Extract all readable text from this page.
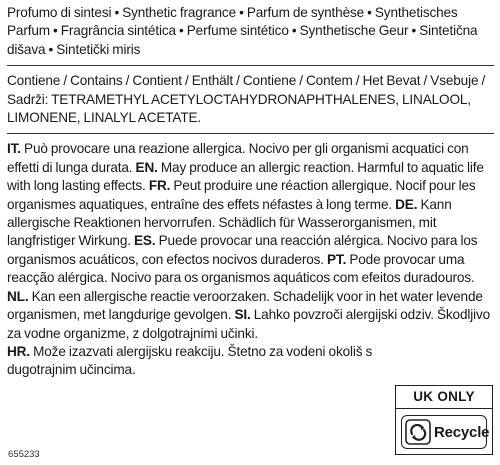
Profumo di sintesi • Synthetic fragrance • Parfum de synthèse • Synthetisches Parfum • Fragrância sintética • Perfume sintético • Synthetische Geur • Sintetična dišava • Sintetički miris

Contiene / Contains / Contient / Enthält / Contiene / Contem / Het Bevat / Vsebuje / Sadrži: TETRAMETHYL ACETYLOCTAHYDRONAPHTHALENES, LINALOOL, LIMONENE, LINALYL ACETATE.

IT. Può provocare una reazione allergica. Nocivo per gli organismi acquatici con effetti di lunga durata. EN. May produce an allergic reaction. Harmful to aquatic life with long lasting effects. FR. Peut produire une réaction allergique. Nocif pour les organismes aquatiques, entraîne des effets néfastes à long terme. DE. Kann allergische Reaktionen hervorrufen. Schädlich für Wasserorganismen, mit langfristiger Wirkung. ES. Puede provocar una reacción alérgica. Nocivo para los organismos acuáticos, con efectos nocivos duraderos. PT. Pode provocar uma reacção alérgica. Nocivo para os organismos aquáticos com efeitos duradouros. NL. Kan een allergische reactie veroorzaken. Schadelijk voor in het water levende organismen, met langdurige gevolgen. SI. Lahko povzroči alergijski odziv. Škodljivo za vodne organizme, z dolgotrajnimi učinki.
HR. Može izazvati alergijsku reakciju. Štetno za vodeni okoliš s dugotrajnim učincima.

655233
UK ONLY
Recycle
